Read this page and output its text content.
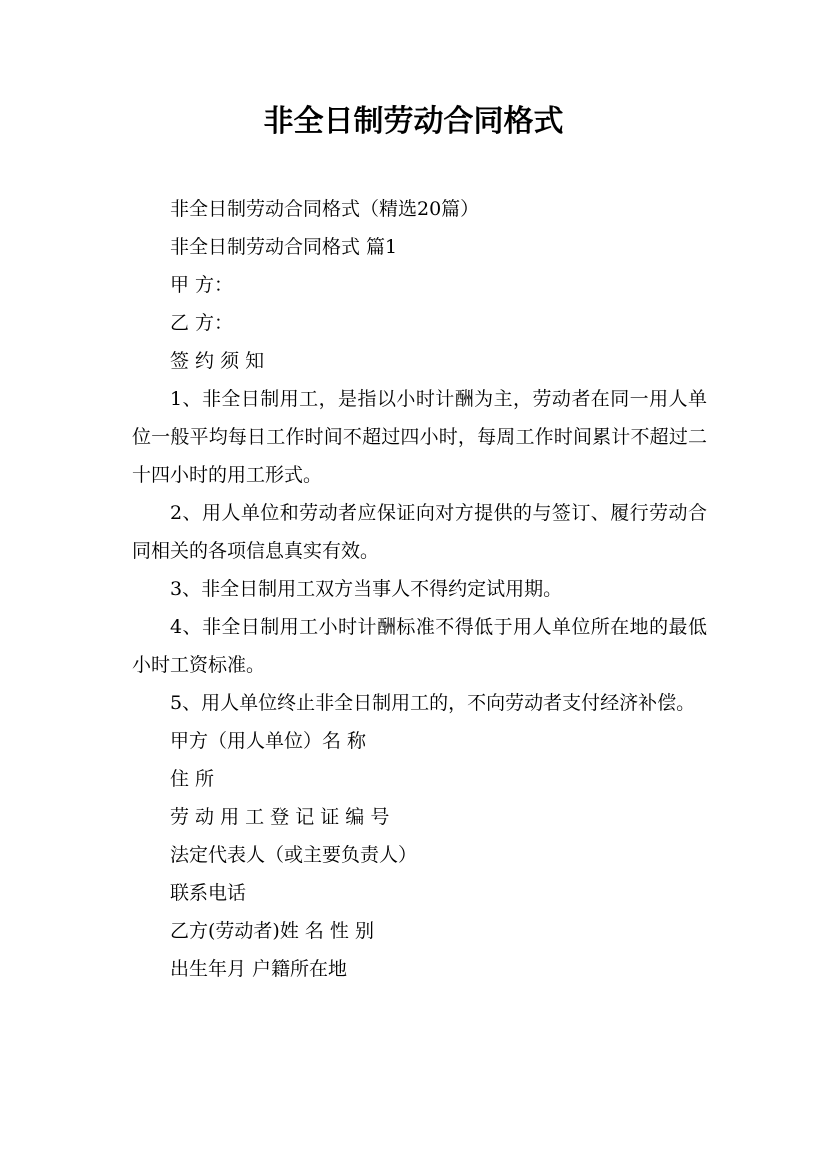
非全日制劳动合同格式

非全日制劳动合同格式（精选20篇）

非全日制劳动合同格式 篇1

甲 方：

乙 方：

签 约 须 知

1、非全日制用工，是指以小时计酬为主，劳动者在同一用人单位一般平均每日工作时间不超过四小时，每周工作时间累计不超过二十四小时的用工形式。

2、用人单位和劳动者应保证向对方提供的与签订、履行劳动合同相关的各项信息真实有效。

3、非全日制用工双方当事人不得约定试用期。

4、非全日制用工小时计酬标准不得低于用人单位所在地的最低小时工资标准。

5、用人单位终止非全日制用工的，不向劳动者支付经济补偿。

甲方（用人单位）名 称

住 所

劳 动 用 工 登 记 证 编 号

法定代表人（或主要负责人）

联系电话

乙方(劳动者)姓 名 性 别

出生年月 户籍所在地
